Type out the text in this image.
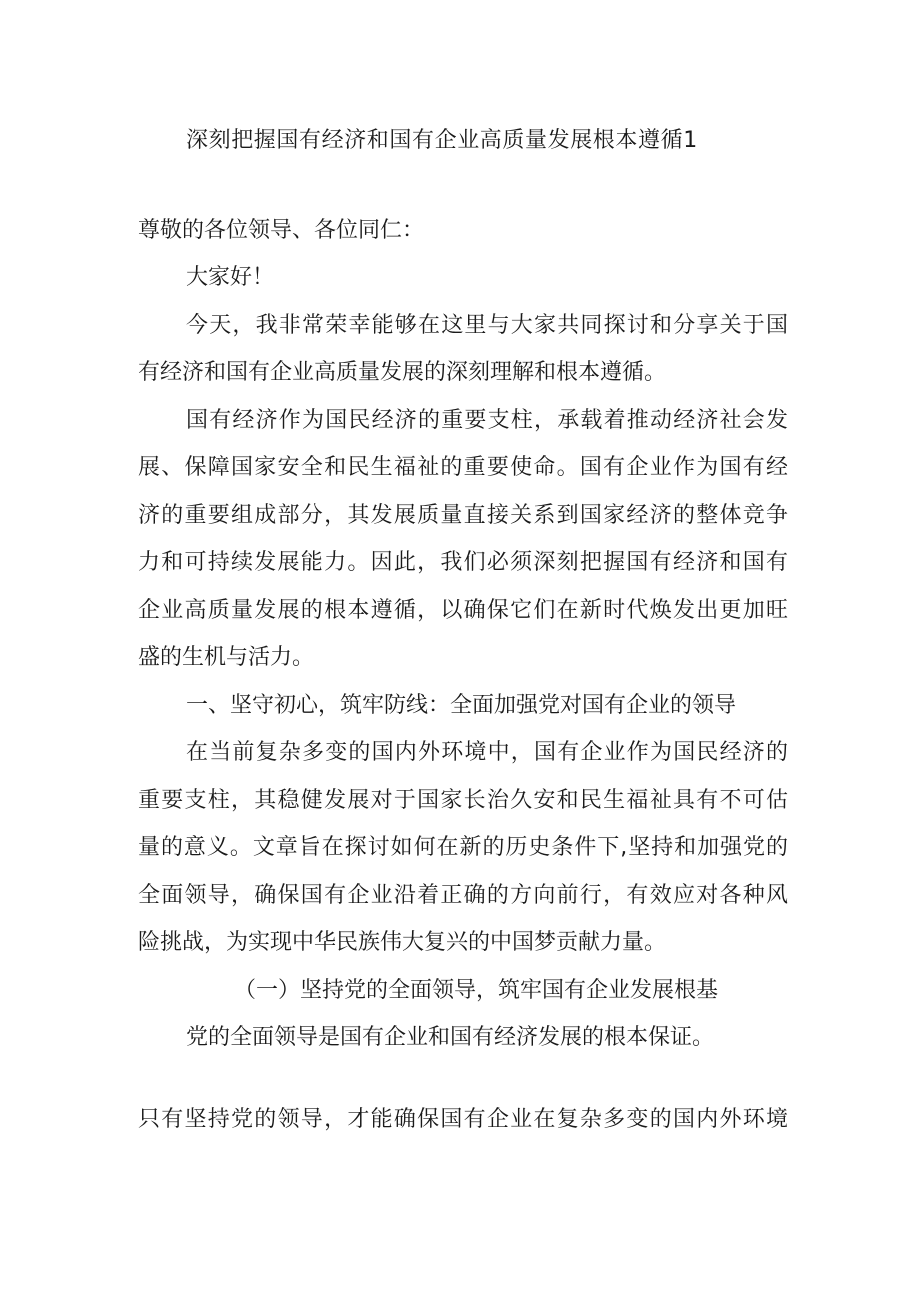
深刻把握国有经济和国有企业高质量发展根本遵循1
尊敬的各位领导、各位同仁：
大家好！
今天，我非常荣幸能够在这里与大家共同探讨和分享关于国
有经济和国有企业高质量发展的深刻理解和根本遵循。
国有经济作为国民经济的重要支柱，承载着推动经济社会发
展、保障国家安全和民生福祉的重要使命。国有企业作为国有经
济的重要组成部分，其发展质量直接关系到国家经济的整体竞争
力和可持续发展能力。因此，我们必须深刻把握国有经济和国有
企业高质量发展的根本遵循，以确保它们在新时代焕发出更加旺
盛的生机与活力。
一、坚守初心，筑牢防线：全面加强党对国有企业的领导
在当前复杂多变的国内外环境中，国有企业作为国民经济的
重要支柱，其稳健发展对于国家长治久安和民生福祉具有不可估
量的意义。文章旨在探讨如何在新的历史条件下,坚持和加强党的
全面领导，确保国有企业沿着正确的方向前行，有效应对各种风
险挑战，为实现中华民族伟大复兴的中国梦贡献力量。
（一）坚持党的全面领导，筑牢国有企业发展根基
党的全面领导是国有企业和国有经济发展的根本保证。
只有坚持党的领导，才能确保国有企业在复杂多变的国内外环境
